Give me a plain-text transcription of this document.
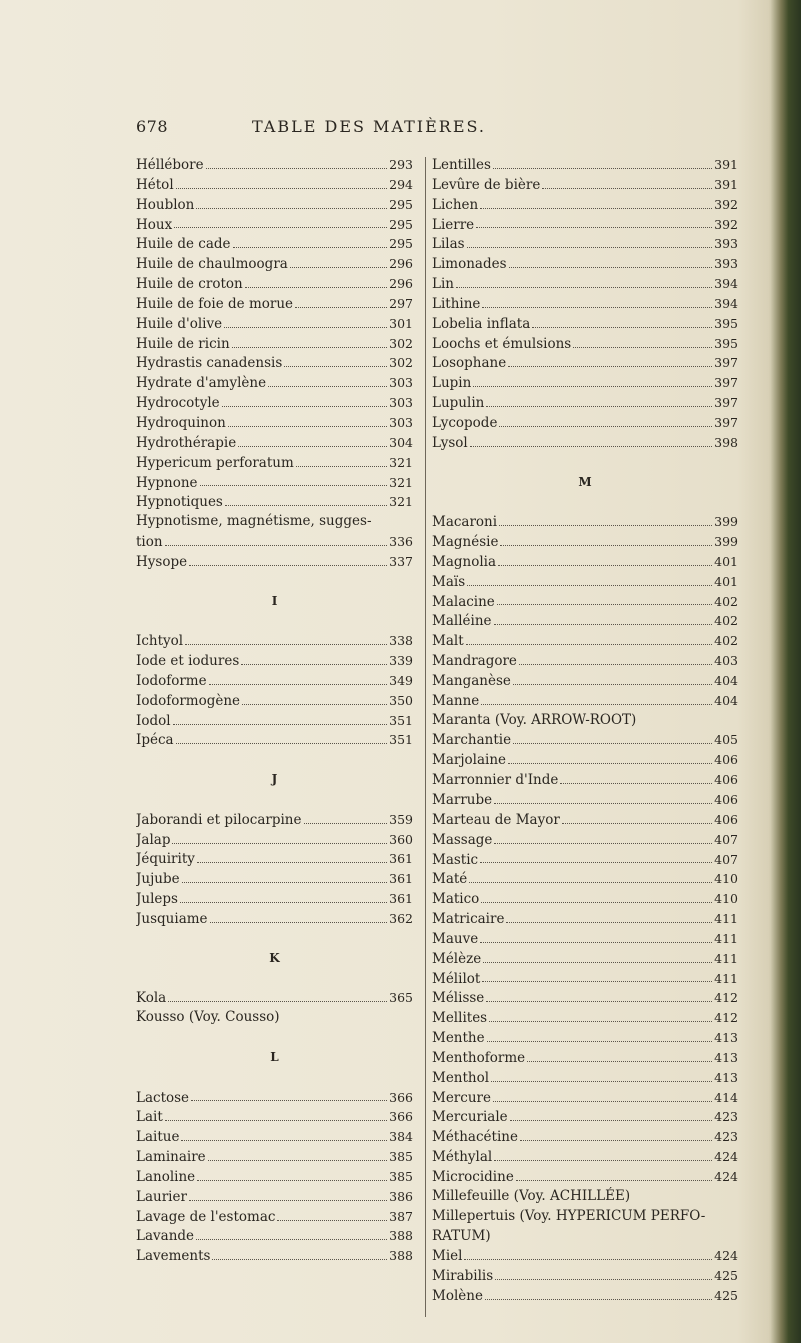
678	TABLE DES MATIÈRES.
Héllébore	293
Hétol	294
Houblon	295
Houx	295
Huile de cade	295
Huile de chaulmoogra	296
Huile de croton	296
Huile de foie de morue	297
Huile d'olive	301
Huile de ricin	302
Hydrastis canadensis	302
Hydrate d'amylène	303
Hydrocotyle	303
Hydroquinon	303
Hydrothérapie	304
Hypericum perforatum	321
Hypnone	321
Hypnotiques	321
Hypnotisme, magnétisme, sugges-
tion	336
Hysope	337
I
Ichtyol	338
Iode et iodures	339
Iodoforme	349
Iodoformogène	350
Iodol	351
Ipéca	351
J
Jaborandi et pilocarpine	359
Jalap	360
Jéquirity	361
Jujube	361
Juleps	361
Jusquiame	362
K
Kola	365
Kousso (Voy. Cousso)
L
Lactose	366
Lait	366
Laitue	384
Laminaire	385
Lanoline	385
Laurier	386
Lavage de l'estomac	387
Lavande	388
Lavements	388
Lentilles	391
Levûre de bière	391
Lichen	392
Lierre	392
Lilas	393
Limonades	393
Lin	394
Lithine	394
Lobelia inflata	395
Loochs et émulsions	395
Losophane	397
Lupin	397
Lupulin	397
Lycopode	397
Lysol	398
M
Macaroni	399
Magnésie	399
Magnolia	401
Maïs	401
Malacine	402
Malléine	402
Malt	402
Mandragore	403
Manganèse	404
Manne	404
Maranta (Voy. ARROW-ROOT)
Marchantie	405
Marjolaine	406
Marronnier d'Inde	406
Marrube	406
Marteau de Mayor	406
Massage	407
Mastic	407
Maté	410
Matico	410
Matricaire	411
Mauve	411
Mélèze	411
Mélilot	411
Mélisse	412
Mellites	412
Menthe	413
Menthoforme	413
Menthol	413
Mercure	414
Mercuriale	423
Méthacétine	423
Méthylal	424
Microcidine	424
Millefeuille (Voy. ACHILLÉE)
Millepertuis (Voy. HYPERICUM PERFO-
RATUM)
Miel	424
Mirabilis	425
Molène	425
